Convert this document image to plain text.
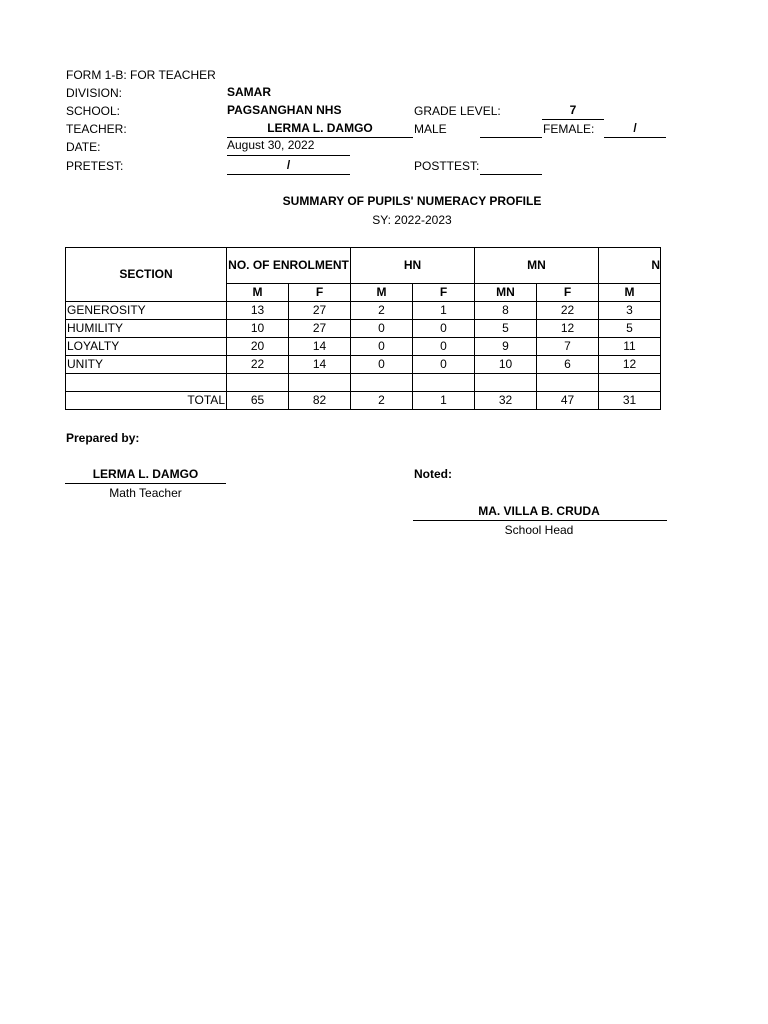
FORM 1-B: FOR TEACHER
DIVISION:	SAMAR
SCHOOL:	PAGSANGHAN NHS	GRADE LEVEL:	7
TEACHER:	LERMA L. DAMGO	MALE	FEMALE:	/
DATE:	August 30, 2022
PRETEST:	/	POSTTEST:
SUMMARY OF PUPILS' NUMERACY PROFILE
SY: 2022-2023
SECTION	NO. OF ENROLMENT		HN		MN		N
	M	F	M	F	MN	F	M
GENEROSITY	13	27	2	1	8	22	3
HUMILITY	10	27	0	0	5	12	5
LOYALTY	20	14	0	0	9	7	11
UNITY	22	14	0	0	10	6	12

TOTAL	65	82	2	1	32	47	31
Prepared by:
LERMA L. DAMGO
Math Teacher
Noted:
MA. VILLA B. CRUDA
School Head
